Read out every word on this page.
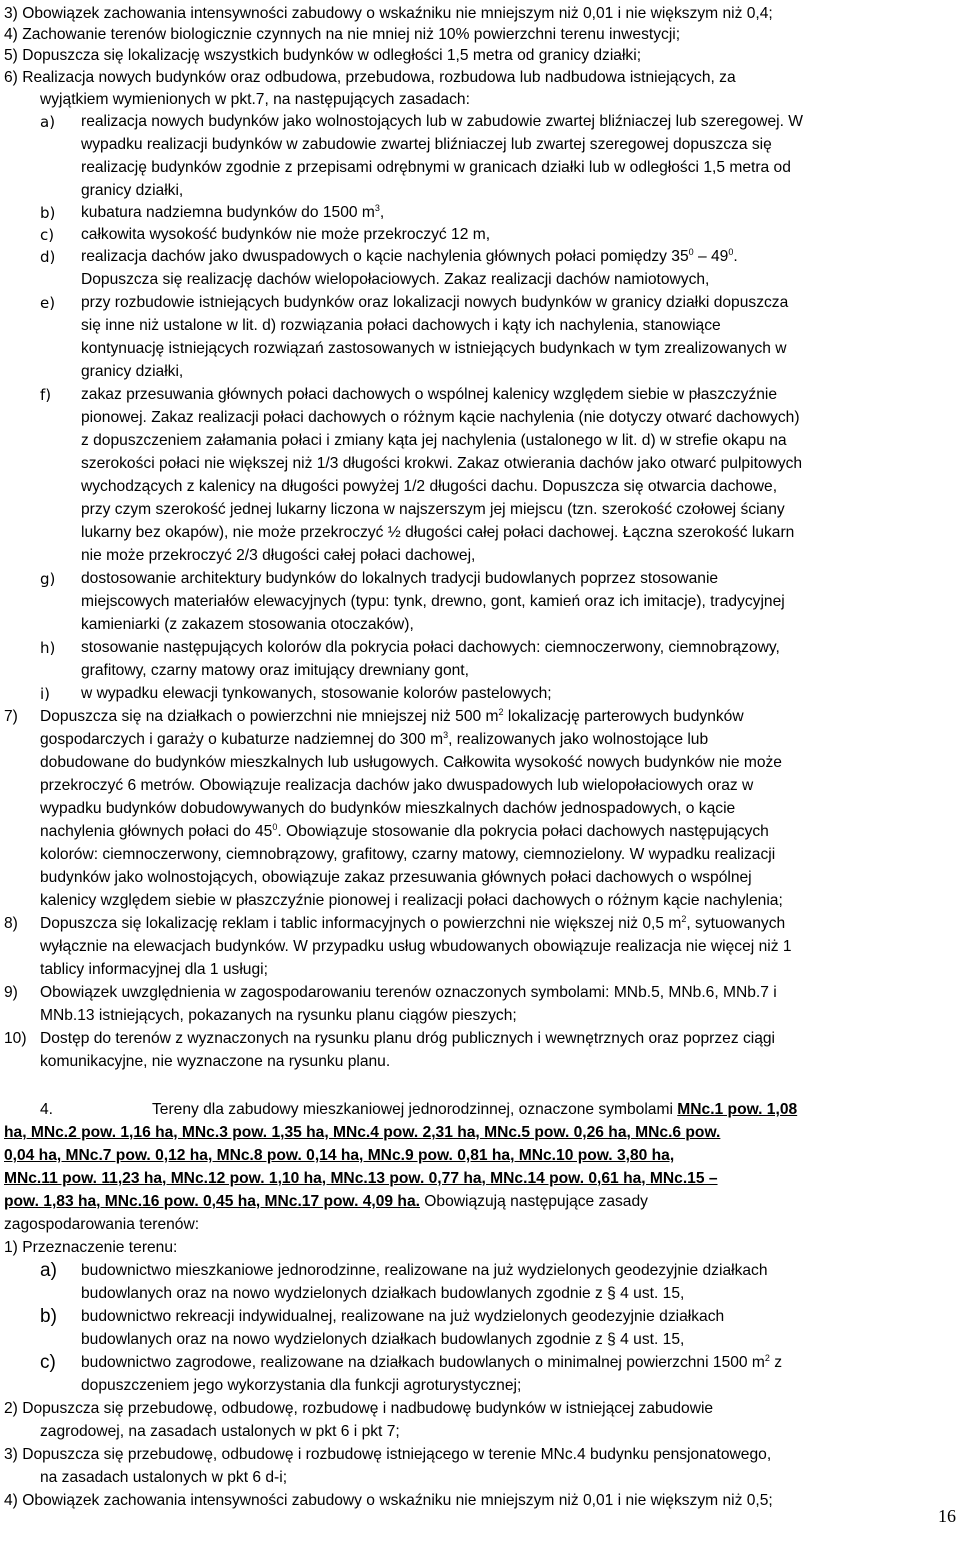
3) Obowiązek zachowania intensywności zabudowy o wskaźniku nie mniejszym niż 0,01 i nie większym niż 0,4;
4) Zachowanie terenów biologicznie czynnych na nie mniej niż 10% powierzchni terenu inwestycji;
5) Dopuszcza się lokalizację wszystkich budynków w odległości 1,5 metra od granicy działki;
6) Realizacja nowych budynków oraz odbudowa, przebudowa, rozbudowa lub nadbudowa istniejących, za
wyjątkiem wymienionych w pkt.7, na następujących zasadach:
a) realizacja nowych budynków jako wolnostojących lub w zabudowie zwartej bliźniaczej lub szeregowej. W
wypadku realizacji budynków w zabudowie zwartej bliźniaczej lub zwartej szeregowej dopuszcza się
realizację budynków zgodnie z przepisami odrębnymi w granicach działki lub w odległości 1,5 metra od
granicy działki,
b) kubatura nadziemna budynków do 1500 $m^3$,
c) całkowita wysokość budynków nie może przekroczyć 12 m,
d) realizacja dachów jako dwuspadowych o kącie nachylenia głównych połaci pomiędzy $35^0 - 49^0$.
Dopuszcza się realizację dachów wielopołaciowych. Zakaz realizacji dachów namiotowych,
e) przy rozbudowie istniejących budynków oraz lokalizacji nowych budynków w granicy działki dopuszcza
się inne niż ustalone w lit. d) rozwiązania połaci dachowych i kąty ich nachylenia, stanowiące
kontynuację istniejących rozwiązań zastosowanych w istniejących budynkach w tym zrealizowanych w
granicy działki,
f) zakaz przesuwania głównych połaci dachowych o wspólnej kalenicy względem siebie w płaszczyźnie
pionowej. Zakaz realizacji połaci dachowych o różnym kącie nachylenia (nie dotyczy otwarć dachowych)
z dopuszczeniem załamania połaci i zmiany kąta jej nachylenia (ustalonego w lit. d) w strefie okapu na
szerokości połaci nie większej niż 1/3 długości krokwi. Zakaz otwierania dachów jako otwarć pulpitowych
wychodzących z kalenicy na długości powyżej 1/2 długości dachu. Dopuszcza się otwarcia dachowe,
przy czym szerokość jednej lukarny liczona w najszerszym jej miejscu (tzn. szerokość czołowej ściany
lukarny bez okapów), nie może przekroczyć ½ długości całej połaci dachowej. Łączna szerokość lukarn
nie może przekroczyć 2/3 długości całej połaci dachowej,
g) dostosowanie architektury budynków do lokalnych tradycji budowlanych poprzez stosowanie
miejscowych materiałów elewacyjnych (typu: tynk, drewno, gont, kamień oraz ich imitacje), tradycyjnej
kamieniarki (z zakazem stosowania otoczaków),
h) stosowanie następujących kolorów dla pokrycia połaci dachowych: ciemnoczerwony, ciemnobrązowy,
grafitowy, czarny matowy oraz imitujący drewniany gont,
i) w wypadku elewacji tynkowanych, stosowanie kolorów pastelowych;
7) Dopuszcza się na działkach o powierzchni nie mniejszej niż 500 $m^2$ lokalizację parterowych budynków
gospodarczych i garaży o kubaturze nadziemnej do 300 $m^3$, realizowanych jako wolnostojące lub
dobudowane do budynków mieszkalnych lub usługowych. Całkowita wysokość nowych budynków nie może
przekroczyć 6 metrów. Obowiązuje realizacja dachów jako dwuspadowych lub wielopołaciowych oraz w
wypadku budynków dobudowywanych do budynków mieszkalnych dachów jednospadowych, o kącie
nachylenia głównych połaci do $45^0$. Obowiązuje stosowanie dla pokrycia połaci dachowych następujących
kolorów: ciemnoczerwony, ciemnobrązowy, grafitowy, czarny matowy, ciemnozielony. W wypadku realizacji
budynków jako wolnostojących, obowiązuje zakaz przesuwania głównych połaci dachowych o wspólnej
kalenicy względem siebie w płaszczyźnie pionowej i realizacji połaci dachowych o różnym kącie nachylenia;
8) Dopuszcza się lokalizację reklam i tablic informacyjnych o powierzchni nie większej niż 0,5 $m^2$, sytuowanych
wyłącznie na elewacjach budynków. W przypadku usług wbudowanych obowiązuje realizacja nie więcej niż 1
tablicy informacyjnej dla 1 usługi;
9) Obowiązek uwzględnienia w zagospodarowaniu terenów oznaczonych symbolami: MNb.5, MNb.6, MNb.7 i
MNb.13 istniejących, pokazanych na rysunku planu ciągów pieszych;
10) Dostęp do terenów z wyznaczonych na rysunku planu dróg publicznych i wewnętrznych oraz poprzez ciągi
komunikacyjne, nie wyznaczone na rysunku planu.
4.	Tereny dla zabudowy mieszkaniowej jednorodzinnej, oznaczone symbolami MNc.1 pow. 1,08
ha, MNc.2 pow. 1,16 ha, MNc.3 pow. 1,35 ha, MNc.4 pow. 2,31 ha, MNc.5 pow. 0,26 ha, MNc.6 pow.
0,04 ha, MNc.7 pow. 0,12 ha, MNc.8 pow. 0,14 ha, MNc.9 pow. 0,81 ha, MNc.10 pow. 3,80 ha,
MNc.11 pow. 11,23 ha, MNc.12 pow. 1,10 ha, MNc.13 pow. 0,77 ha, MNc.14 pow. 0,61 ha, MNc.15 –
pow. 1,83 ha, MNc.16 pow. 0,45 ha, MNc.17 pow. 4,09 ha. Obowiązują następujące zasady
zagospodarowania terenów:
1) Przeznaczenie terenu:
a) budownictwo mieszkaniowe jednorodzinne, realizowane na już wydzielonych geodezyjnie działkach
budowlanych oraz na nowo wydzielonych działkach budowlanych zgodnie z § 4 ust. 15,
b) budownictwo rekreacji indywidualnej, realizowane na już wydzielonych geodezyjnie działkach
budowlanych oraz na nowo wydzielonych działkach budowlanych zgodnie z § 4 ust. 15,
c) budownictwo zagrodowe, realizowane na działkach budowlanych o minimalnej powierzchni 1500 $m^2$ z
dopuszczeniem jego wykorzystania dla funkcji agroturystycznej;
2) Dopuszcza się przebudowę, odbudowę, rozbudowę i nadbudowę budynków w istniejącej zabudowie
zagrodowej, na zasadach ustalonych w pkt 6 i pkt 7;
3) Dopuszcza się przebudowę, odbudowę i rozbudowę istniejącego w terenie MNc.4 budynku pensjonatowego,
na zasadach ustalonych w pkt 6 d-i;
4) Obowiązek zachowania intensywności zabudowy o wskaźniku nie mniejszym niż 0,01 i nie większym niż 0,5;
16
